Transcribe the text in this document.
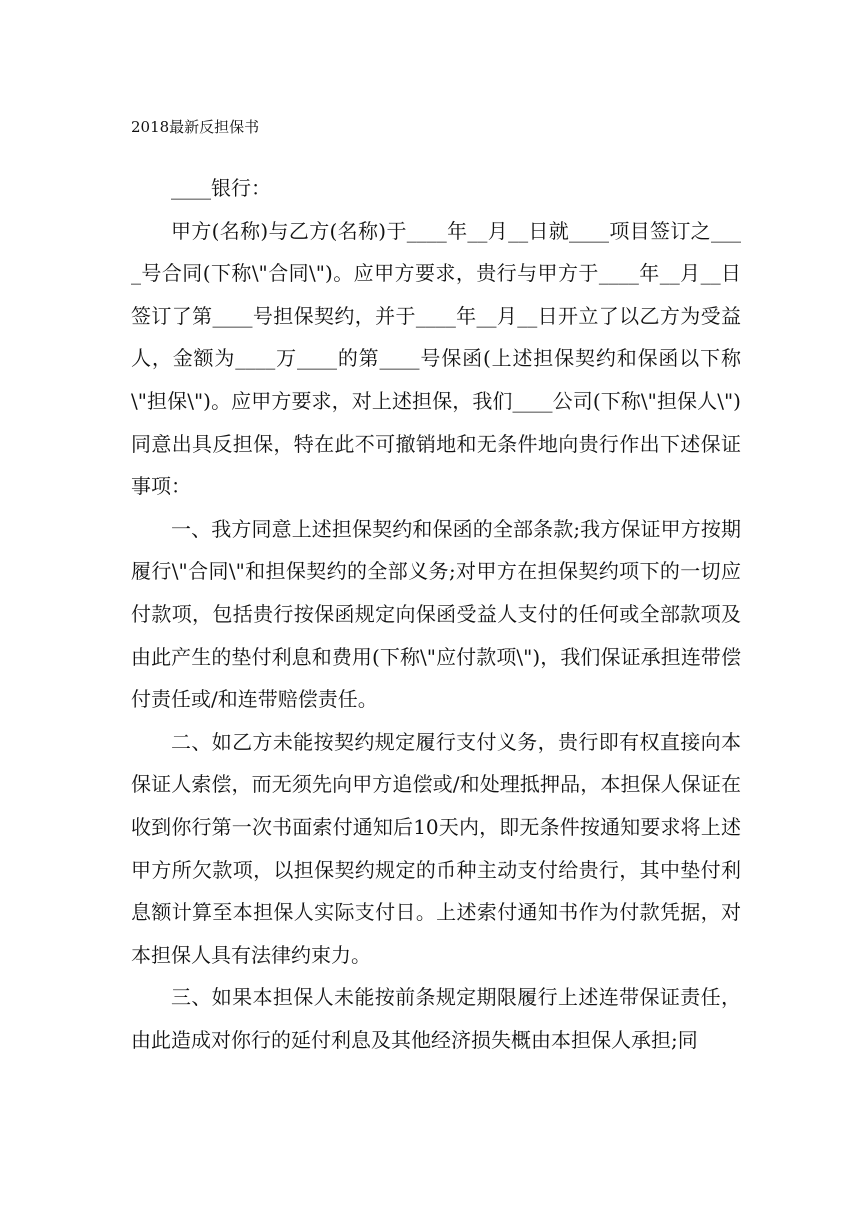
2018最新反担保书

____银行：

甲方(名称)与乙方(名称)于____年__月__日就____项目签订之____号合同(下称\"合同\")。应甲方要求，贵行与甲方于____年__月__日签订了第____号担保契约，并于____年__月__日开立了以乙方为受益人，金额为____万____的第____号保函(上述担保契约和保函以下称\"担保\")。应甲方要求，对上述担保，我们____公司(下称\"担保人\")同意出具反担保，特在此不可撤销地和无条件地向贵行作出下述保证事项：

一、我方同意上述担保契约和保函的全部条款;我方保证甲方按期履行\"合同\"和担保契约的全部义务;对甲方在担保契约项下的一切应付款项，包括贵行按保函规定向保函受益人支付的任何或全部款项及由此产生的垫付利息和费用(下称\"应付款项\")，我们保证承担连带偿付责任或/和连带赔偿责任。

二、如乙方未能按契约规定履行支付义务，贵行即有权直接向本保证人索偿，而无须先向甲方追偿或/和处理抵押品，本担保人保证在收到你行第一次书面索付通知后10天内，即无条件按通知要求将上述甲方所欠款项，以担保契约规定的币种主动支付给贵行，其中垫付利息额计算至本担保人实际支付日。上述索付通知书作为付款凭据，对本担保人具有法律约束力。

三、如果本担保人未能按前条规定期限履行上述连带保证责任，由此造成对你行的延付利息及其他经济损失概由本担保人承担;同
